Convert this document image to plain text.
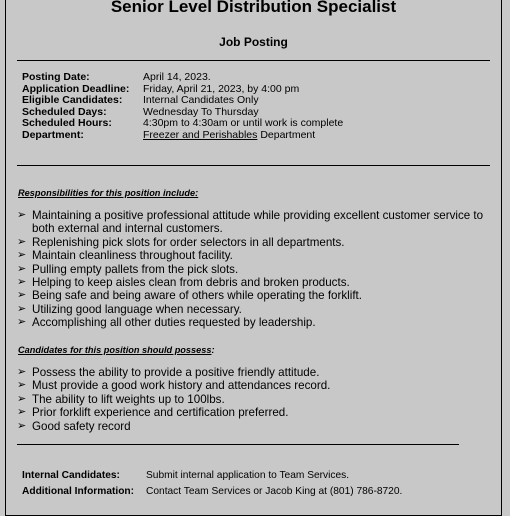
Senior Level Distribution Specialist
Job Posting
Posting Date:	April 14, 2023.
Application Deadline:	Friday, April 21, 2023, by 4:00 pm
Eligible Candidates:	Internal Candidates Only
Scheduled Days:	Wednesday To Thursday
Scheduled Hours:	4:30pm to 4:30am or until work is complete
Department:	Freezer and Perishables Department
Responsibilities for this position include:
➢ Maintaining a positive professional attitude while providing excellent customer service to both external and internal customers.
➢ Replenishing pick slots for order selectors in all departments.
➢ Maintain cleanliness throughout facility.
➢ Pulling empty pallets from the pick slots.
➢ Helping to keep aisles clean from debris and broken products.
➢ Being safe and being aware of others while operating the forklift.
➢ Utilizing good language when necessary.
➢ Accomplishing all other duties requested by leadership.
Candidates for this position should possess:
➢ Possess the ability to provide a positive friendly attitude.
➢ Must provide a good work history and attendances record.
➢ The ability to lift weights up to 100lbs.
➢ Prior forklift experience and certification preferred.
➢ Good safety record
Internal Candidates:	Submit internal application to Team Services.
Additional Information:	Contact Team Services or Jacob King at (801) 786-8720.
